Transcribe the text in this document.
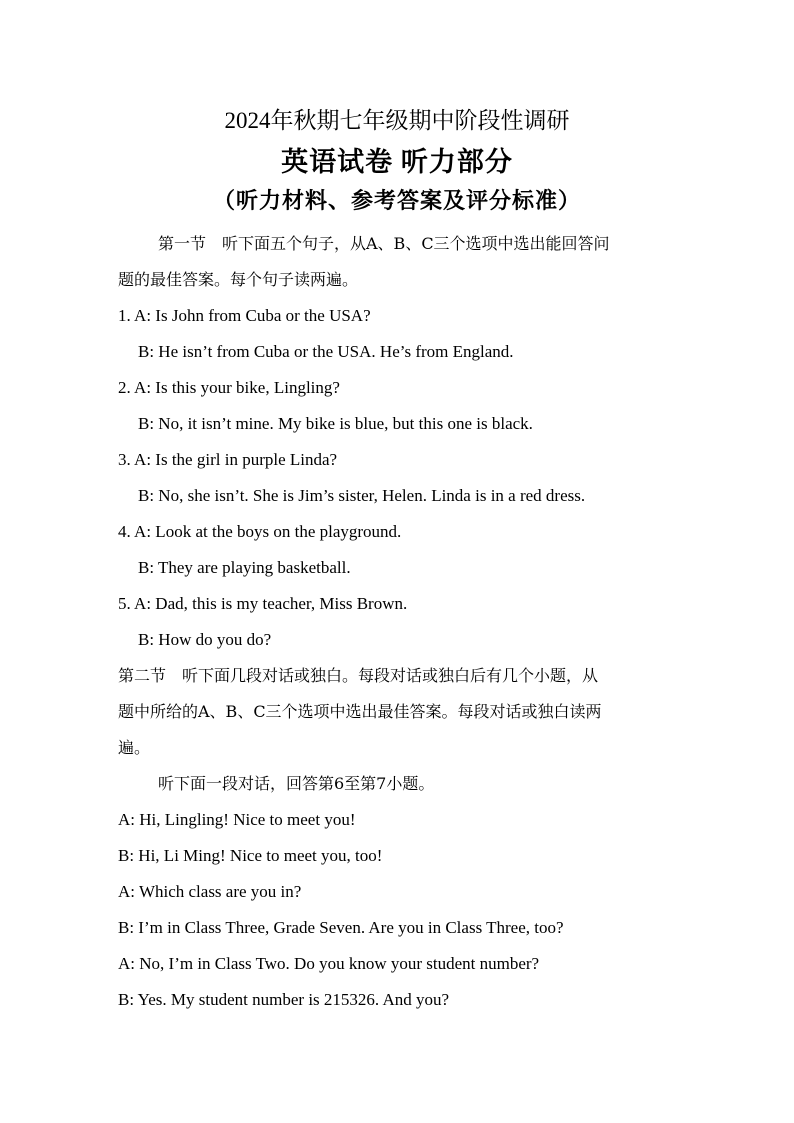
2024年秋期七年级期中阶段性调研
英语试卷 听力部分
（听力材料、参考答案及评分标准）
第一节　听下面五个句子，从A、B、C三个选项中选出能回答问
题的最佳答案。每个句子读两遍。
1. A: Is John from Cuba or the USA?
B: He isn’t from Cuba or the USA. He’s from England.
2. A: Is this your bike, Lingling?
B: No, it isn’t mine. My bike is blue, but this one is black.
3. A: Is the girl in purple Linda?
B: No, she isn’t. She is Jim’s sister, Helen. Linda is in a red dress.
4. A: Look at the boys on the playground.
B: They are playing basketball.
5. A: Dad, this is my teacher, Miss Brown.
B: How do you do?
第二节　听下面几段对话或独白。每段对话或独白后有几个小题，从
题中所给的A、B、C三个选项中选出最佳答案。每段对话或独白读两
遍。
听下面一段对话，回答第6至第7小题。
A: Hi, Lingling! Nice to meet you!
B: Hi, Li Ming! Nice to meet you, too!
A: Which class are you in?
B: I’m in Class Three, Grade Seven. Are you in Class Three, too?
A: No, I’m in Class Two. Do you know your student number?
B: Yes. My student number is 215326. And you?
